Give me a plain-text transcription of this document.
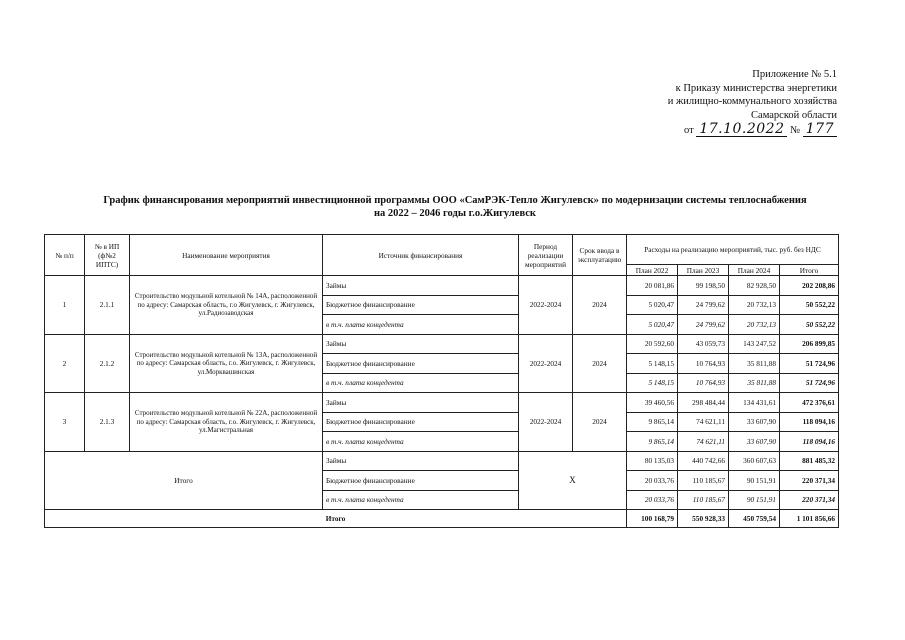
Приложение № 5.1
к Приказу министерства энергетики
и жилищно-коммунального хозяйства
Самарской области
от 17.10.2022 № 177
График финансирования мероприятий инвестиционной программы ООО «СамРЭК-Тепло Жигулевск» по модернизации системы теплоснабжения
на 2022 – 2046 годы г.о.Жигулевск
№ п/п	№ в ИП (ф№2 ИПТС)	Наименование мероприятия	Источник финансирования	Период реализации мероприятий	Срок ввода в эксплуатацию	Расходы на реализацию мероприятий, тыс. руб. без НДС			
						План 2022	План 2023	План 2024	Итого
1	2.1.1	Строительство модульной котельной № 14А, расположенной по адресу: Самарская область, г.о Жигулевск, г. Жигулевск, ул.Радиозаводская	Займы	2022-2024	2024	20 081,86	99 198,50	82 928,50	202 208,86
			Бюджетное финансирование			5 020,47	24 799,62	20 732,13	50 552,22
			в т.ч. плата концедента			5 020,47	24 799,62	20 732,13	50 552,22
2	2.1.2	Строительство модульной котельной № 13А, расположенной по адресу: Самарская область, г.о. Жигулевск, г. Жигулевск, ул.Морквашинская	Займы	2022-2024	2024	20 592,60	43 059,73	143 247,52	206 899,85
			Бюджетное финансирование			5 148,15	10 764,93	35 811,88	51 724,96
			в т.ч. плата концедента			5 148,15	10 764,93	35 811,88	51 724,96
3	2.1.3	Строительство модульной котельной № 22А, расположенной по адресу: Самарская область, г.о. Жигулевск, г. Жигулевск, ул.Магистральная	Займы	2022-2024	2024	39 460,56	298 484,44	134 431,61	472 376,61
			Бюджетное финансирование			9 865,14	74 621,11	33 607,90	118 094,16
			в т.ч. плата концедента			9 865,14	74 621,11	33 607,90	118 094,16
Итого			Займы	X		80 135,03	440 742,66	360 607,63	881 485,32
			Бюджетное финансирование			20 033,76	110 185,67	90 151,91	220 371,34
			в т.ч. плата концедента			20 033,76	110 185,67	90 151,91	220 371,34
Итого						100 168,79	550 928,33	450 759,54	1 101 856,66
